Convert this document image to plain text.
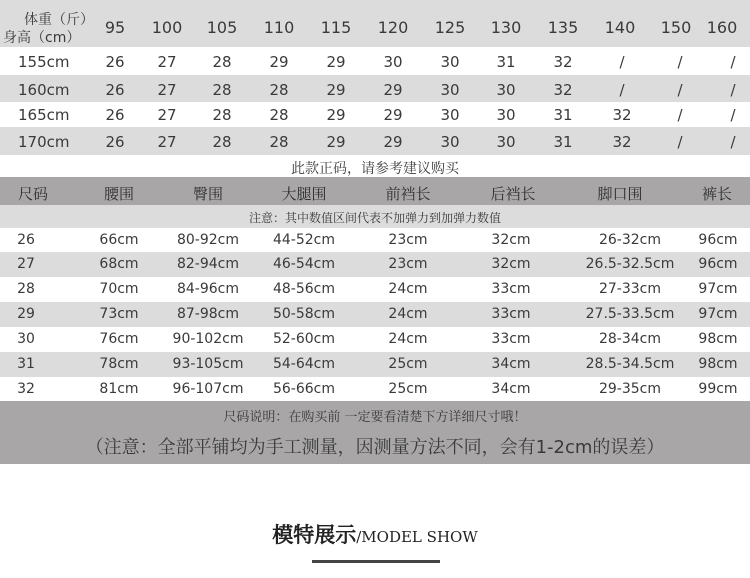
体重（斤）
身高（cm）
95 100 105 110 115 120 125 130 135 140 150 160
155cm 26 27 28	29	29	30	30 31	32	/	/	/
160cm 26 27 28	28	29	29	30 30	32	/	/	/
165cm 26 27 28	28	29	29	30 30	31	32	/	/
170cm 26 27 28	28	29	29	30 30	31	32	/	/
此款正码，请参考建议购买
尺码	腰围	臀围	大腿围	前裆长	后裆长	脚口围	裤长
注意：其中数值区间代表不加弹力到加弹力数值
26	66cm	80-92cm 44-52cm	23cm	32cm	26-32cm	96cm
27	68cm	82-94cm 46-54cm	23cm	32cm	26.5-32.5cm 96cm
28	70cm	84-96cm 48-56cm	24cm	33cm	27-33cm	97cm
29	73cm	87-98cm 50-58cm	24cm	33cm	27.5-33.5cm 97cm
30	76cm 90-102cm 52-60cm	24cm	33cm	28-34cm	98cm
31	78cm 93-105cm 54-64cm	25cm	34cm	28.5-34.5cm 98cm
32	81cm 96-107cm 56-66cm	25cm	34cm	29-35cm	99cm
尺码说明：在购买前 一定要看清楚下方详细尺寸哦！
（注意：全部平铺均为手工测量，因测量方法不同，会有1-2cm的误差）
模特展示/MODEL SHOW
